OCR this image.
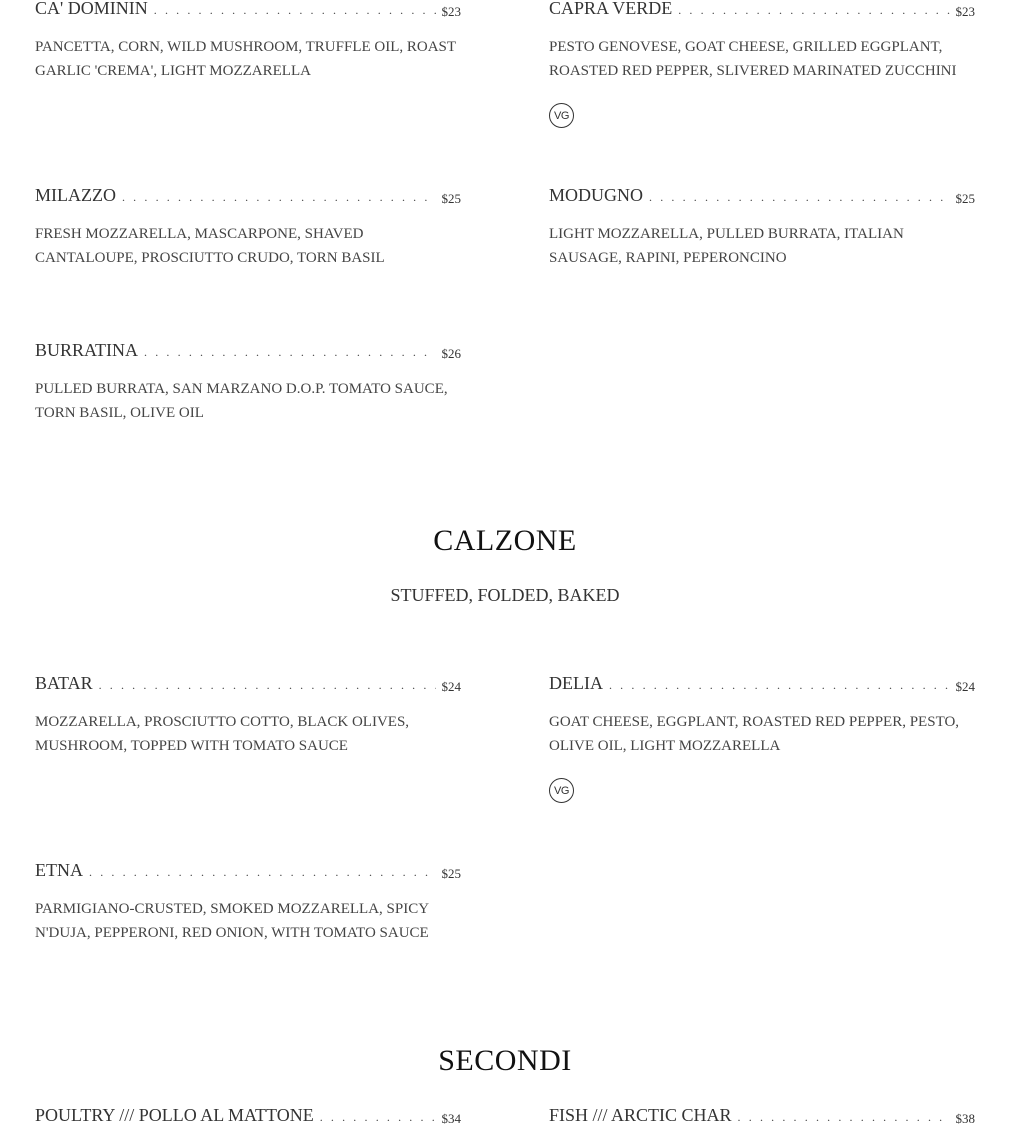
CA' DOMININ . . .	$23
PANCETTA, CORN, WILD MUSHROOM, TRUFFLE OIL, ROAST GARLIC 'CREMA', LIGHT MOZZARELLA
CAPRA VERDE . . .	$23
PESTO GENOVESE, GOAT CHEESE, GRILLED EGGPLANT, ROASTED RED PEPPER, SLIVERED MARINATED ZUCCHINI
VG
MILAZZO . . .	$25
FRESH MOZZARELLA, MASCARPONE, SHAVED CANTALOUPE, PROSCIUTTO CRUDO, TORN BASIL
MODUGNO . . .	$25
LIGHT MOZZARELLA, PULLED BURRATA, ITALIAN SAUSAGE, RAPINI, PEPERONCINO
BURRATINA . . .	$26
PULLED BURRATA, SAN MARZANO D.O.P. TOMATO SAUCE, TORN BASIL, OLIVE OIL
CALZONE
STUFFED, FOLDED, BAKED
BATAR . . .	$24
MOZZARELLA, PROSCIUTTO COTTO, BLACK OLIVES, MUSHROOM, TOPPED WITH TOMATO SAUCE
DELIA . . .	$24
GOAT CHEESE, EGGPLANT, ROASTED RED PEPPER, PESTO, OLIVE OIL, LIGHT MOZZARELLA
VG
ETNA . . .	$25
PARMIGIANO-CRUSTED, SMOKED MOZZARELLA, SPICY N'DUJA, PEPPERONI, RED ONION, WITH TOMATO SAUCE
SECONDI
POULTRY /// POLLO AL MATTONE . . .	$34	FISH /// ARCTIC CHAR . . .	$38
